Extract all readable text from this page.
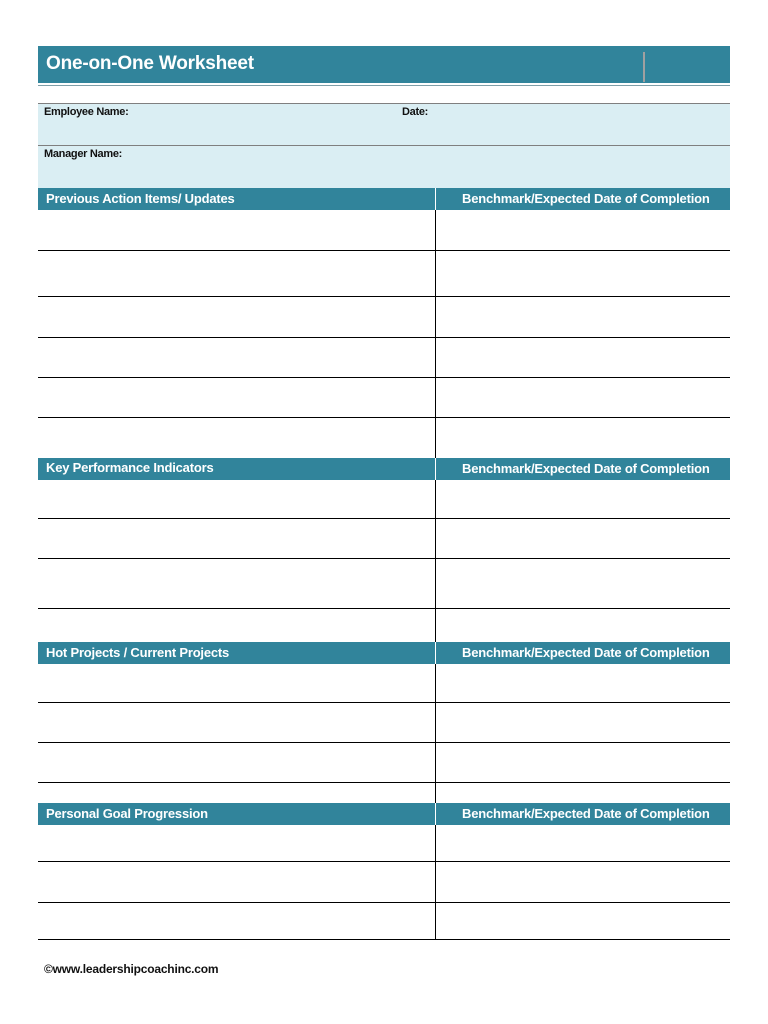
One-on-One Worksheet
Employee Name:	Date:
Manager Name:
Previous Action Items/ Updates	Benchmark/Expected Date of Completion
Key Performance Indicators	Benchmark/Expected Date of Completion
Hot Projects / Current Projects	Benchmark/Expected Date of Completion
Personal Goal Progression	Benchmark/Expected Date of Completion
©www.leadershipcoachinc.com
